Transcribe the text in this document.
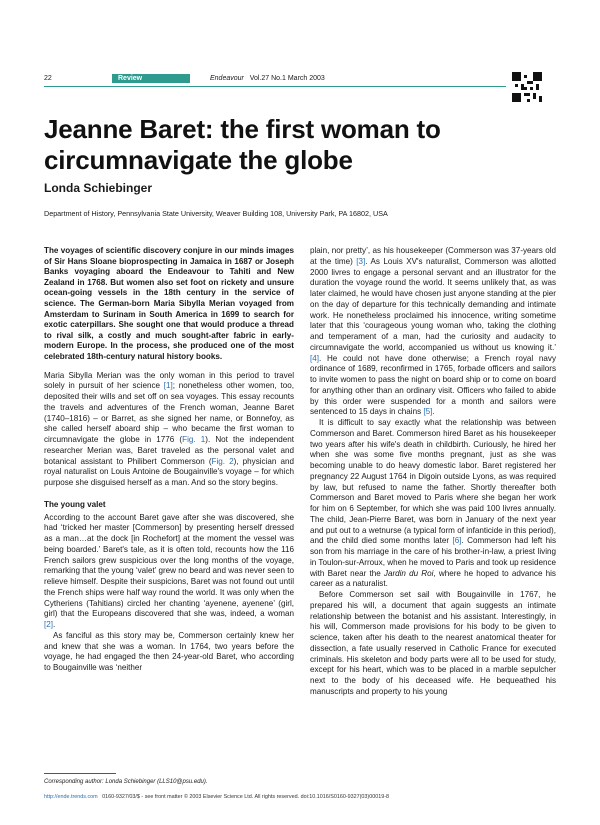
22	Review	Endeavour Vol.27 No.1 March 2003
Jeanne Baret: the first woman to circumnavigate the globe
Londa Schiebinger
Department of History, Pennsylvania State University, Weaver Building 108, University Park, PA 16802, USA

The voyages of scientific discovery conjure in our minds images of Sir Hans Sloane bioprospecting in Jamaica in 1687 or Joseph Banks voyaging aboard the Endeavour to Tahiti and New Zealand in 1768. But women also set foot on rickety and unsure ocean-going vessels in the 18th century in the service of science. The German-born Maria Sibylla Merian voyaged from Amsterdam to Surinam in South America in 1699 to search for exotic caterpillars. She sought one that would produce a thread to rival silk, a costly and much sought-after fabric in early-modern Europe. In the process, she produced one of the most celebrated 18th-century natural history books.

Maria Sibylla Merian was the only woman in this period to travel solely in pursuit of her science [1]; nonetheless other women, too, deposited their wills and set off on sea voyages. This essay recounts the travels and adventures of the French woman, Jeanne Baret (1740–1816) – or Barret, as she signed her name, or Bonnefoy, as she called herself aboard ship – who became the first woman to circumnavigate the globe in 1776 (Fig. 1). Not the independent researcher Merian was, Baret traveled as the personal valet and botanical assistant to Philibert Commerson (Fig. 2), physician and royal naturalist on Louis Antoine de Bougainville's voyage – for which purpose she disguised herself as a man. And so the story begins.

The young valet

According to the account Baret gave after she was discovered, she had ‘tricked her master [Commerson] by presenting herself dressed as a man…at the dock [in Rochefort] at the moment the vessel was being boarded.’ Baret's tale, as it is often told, recounts how the 116 French sailors grew suspicious over the long months of the voyage, remarking that the young ‘valet’ grew no beard and was never seen to relieve himself. Despite their suspicions, Baret was not found out until the French ships were half way round the world. It was only when the Cytheriens (Tahitians) circled her chanting ‘ayenene, ayenene’ (girl, girl) that the Europeans discovered that she was, indeed, a woman [2].

As fanciful as this story may be, Commerson certainly knew her and knew that she was a woman. In 1764, two years before the voyage, he had engaged the then 24-year-old Baret, who according to Bougainville was ‘neither

plain, nor pretty’, as his housekeeper (Commerson was 37-years old at the time) [3]. As Louis XV's naturalist, Commerson was allotted 2000 livres to engage a personal servant and an illustrator for the duration the voyage round the world. It seems unlikely that, as was later claimed, he would have chosen just anyone standing at the pier on the day of departure for this technically demanding and intimate work. He nonetheless proclaimed his innocence, writing sometime later that this ‘courageous young woman who, taking the clothing and temperament of a man, had the curiosity and audacity to circumnavigate the world, accompanied us without us knowing it.’ [4]. He could not have done otherwise; a French royal navy ordinance of 1689, reconfirmed in 1765, forbade officers and sailors to invite women to pass the night on board ship or to come on board for anything other than an ordinary visit. Officers who failed to abide by this order were suspended for a month and sailors were sentenced to 15 days in chains [5].

It is difficult to say exactly what the relationship was between Commerson and Baret. Commerson hired Baret as his housekeeper two years after his wife's death in childbirth. Curiously, he hired her when she was some five months pregnant, just as she was becoming unable to do heavy domestic labor. Baret registered her pregnancy 22 August 1764 in Digoin outside Lyons, as was required by law, but refused to name the father. Shortly thereafter both Commerson and Baret moved to Paris where she began her work for him on 6 September, for which she was paid 100 livres annually. The child, Jean-Pierre Baret, was born in January of the next year and put out to a wetnurse (a typical form of infanticide in this period), and the child died some months later [6]. Commerson had left his son from his marriage in the care of his brother-in-law, a priest living in Toulon-sur-Arroux, when he moved to Paris and took up residence with Baret near the Jardin du Roi, where he hoped to advance his career as a naturalist.

Before Commerson set sail with Bougainville in 1767, he prepared his will, a document that again suggests an intimate relationship between the botanist and his assistant. Interestingly, in his will, Commerson made provisions for his body to be given to science, taken after his death to the nearest anatomical theater for dissection, a fate usually reserved in Catholic France for executed criminals. His skeleton and body parts were all to be used for study, except for his heart, which was to be placed in a marble sepulcher next to the body of his deceased wife. He bequeathed his manuscripts and property to his young

Corresponding author: Londa Schiebinger (LLS10@psu.edu).
http://ende.trends.com 0160-9327/03/$ - see front matter © 2003 Elsevier Science Ltd. All rights reserved. doi:10.1016/S0160-9327(03)00019-8
